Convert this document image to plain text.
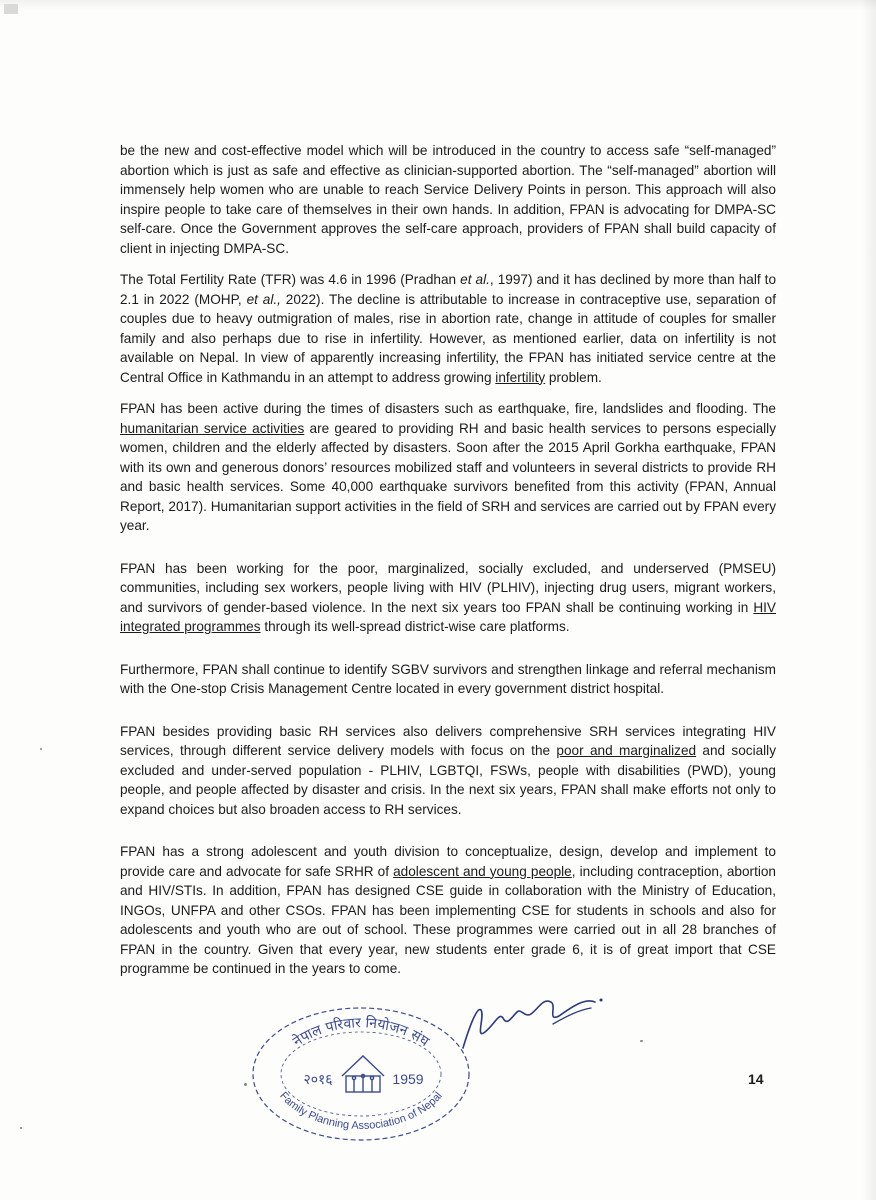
be the new and cost-effective model which will be introduced in the country to access safe “self-managed” abortion which is just as safe and effective as clinician-supported abortion. The “self-managed” abortion will immensely help women who are unable to reach Service Delivery Points in person. This approach will also inspire people to take care of themselves in their own hands. In addition, FPAN is advocating for DMPA-SC self-care. Once the Government approves the self-care approach, providers of FPAN shall build capacity of client in injecting DMPA-SC.

The Total Fertility Rate (TFR) was 4.6 in 1996 (Pradhan et al., 1997) and it has declined by more than half to 2.1 in 2022 (MOHP, et al., 2022). The decline is attributable to increase in contraceptive use, separation of couples due to heavy outmigration of males, rise in abortion rate, change in attitude of couples for smaller family and also perhaps due to rise in infertility. However, as mentioned earlier, data on infertility is not available on Nepal. In view of apparently increasing infertility, the FPAN has initiated service centre at the Central Office in Kathmandu in an attempt to address growing infertility problem.

FPAN has been active during the times of disasters such as earthquake, fire, landslides and flooding. The humanitarian service activities are geared to providing RH and basic health services to persons especially women, children and the elderly affected by disasters. Soon after the 2015 April Gorkha earthquake, FPAN with its own and generous donors’ resources mobilized staff and volunteers in several districts to provide RH and basic health services. Some 40,000 earthquake survivors benefited from this activity (FPAN, Annual Report, 2017). Humanitarian support activities in the field of SRH and services are carried out by FPAN every year.

FPAN has been working for the poor, marginalized, socially excluded, and underserved (PMSEU) communities, including sex workers, people living with HIV (PLHIV), injecting drug users, migrant workers, and survivors of gender-based violence. In the next six years too FPAN shall be continuing working in HIV integrated programmes through its well-spread district-wise care platforms.

Furthermore, FPAN shall continue to identify SGBV survivors and strengthen linkage and referral mechanism with the One-stop Crisis Management Centre located in every government district hospital.

FPAN besides providing basic RH services also delivers comprehensive SRH services integrating HIV services, through different service delivery models with focus on the poor and marginalized and socially excluded and under-served population - PLHIV, LGBTQI, FSWs, people with disabilities (PWD), young people, and people affected by disaster and crisis. In the next six years, FPAN shall make efforts not only to expand choices but also broaden access to RH services.

FPAN has a strong adolescent and youth division to conceptualize, design, develop and implement to provide care and advocate for safe SRHR of adolescent and young people, including contraception, abortion and HIV/STIs. In addition, FPAN has designed CSE guide in collaboration with the Ministry of Education, INGOs, UNFPA and other CSOs. FPAN has been implementing CSE for students in schools and also for adolescents and youth who are out of school. These programmes were carried out in all 28 branches of FPAN in the country. Given that every year, new students enter grade 6, it is of great import that CSE programme be continued in the years to come.

नेपाल परिवार नियोजन संघ
Family Planning Association of Nepal
२०१६	1959	14
